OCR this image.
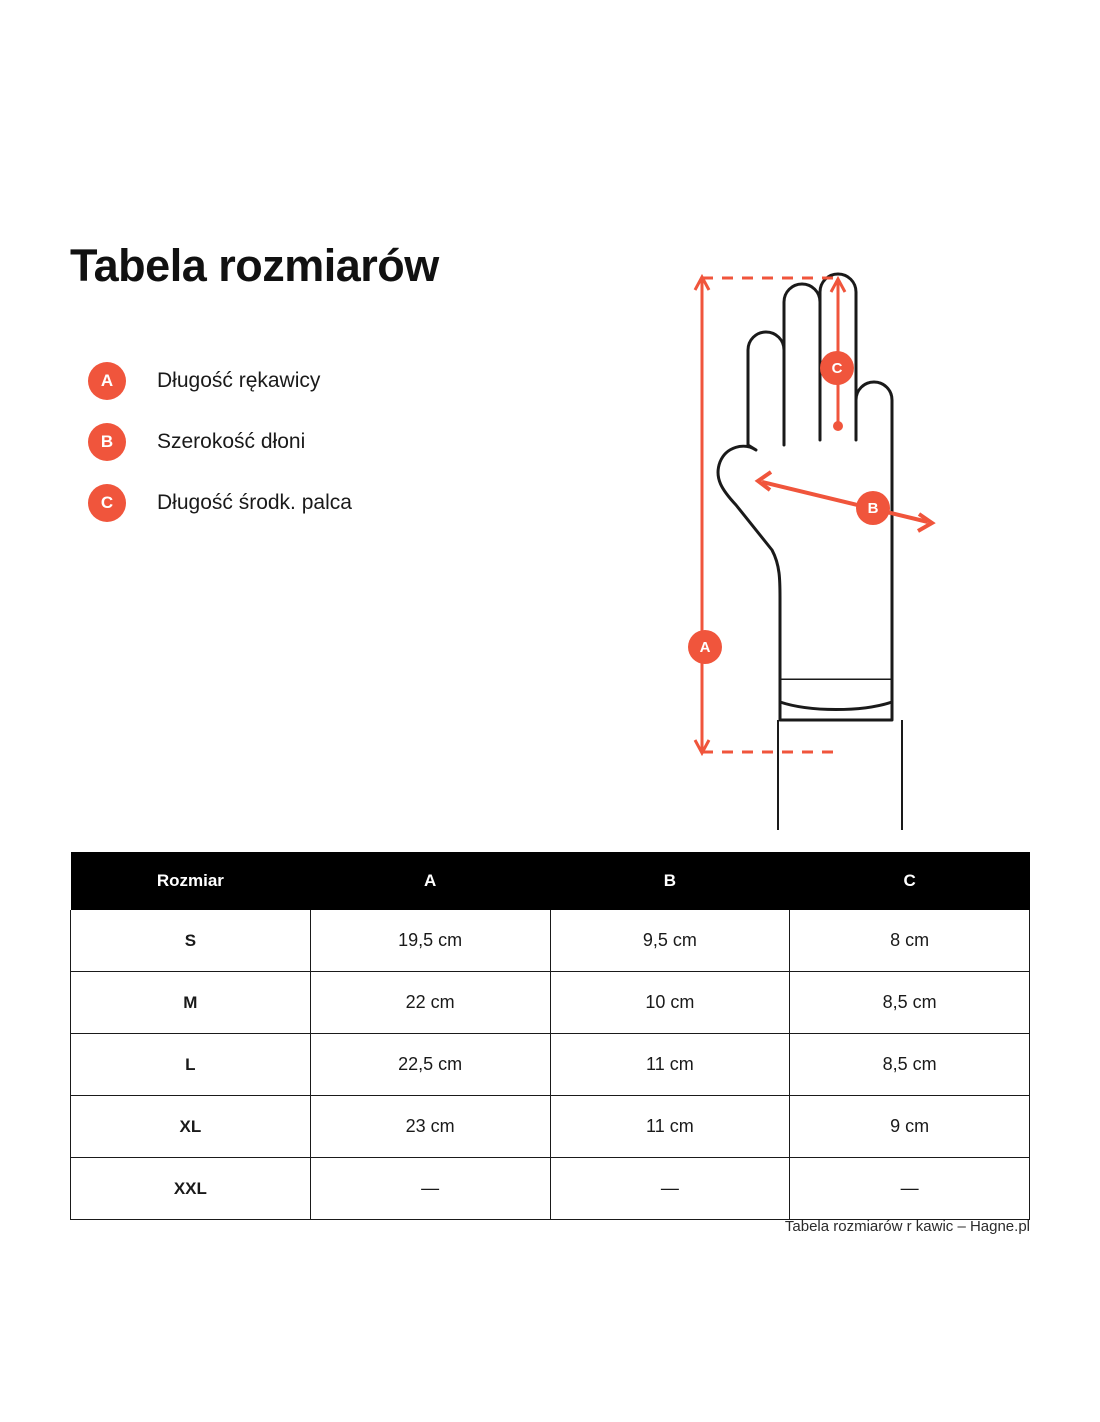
Tabela rozmiarów
A	Długość rękawicy
B	Szerokość dłoni
C	Długość środk. palca
A
B
C
Rozmiar	A	B	C
S	19,5 cm	9,5 cm	8 cm
M	22 cm	10 cm	8,5 cm
L	22,5 cm	11 cm	8,5 cm
XL	23 cm	11 cm	9 cm
XXL	—	—	—
Tabela rozmiarów r kawic – Hagne.pl
